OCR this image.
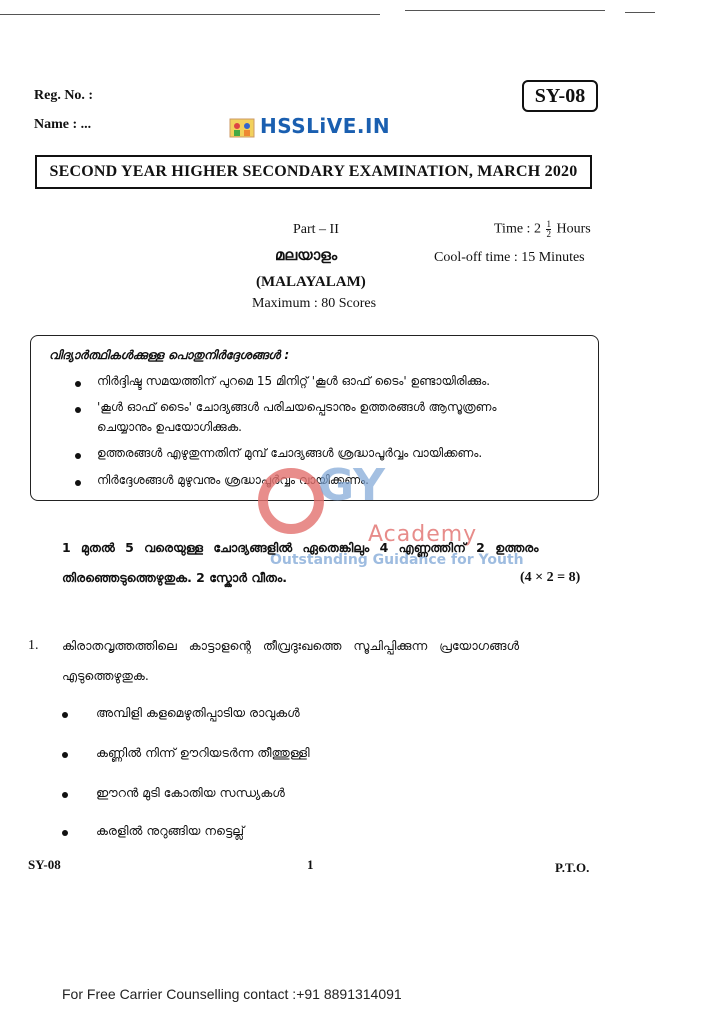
Reg. No. :
Name : ...
SY-08
HSSLiVE.IN
SECOND YEAR HIGHER SECONDARY EXAMINATION, MARCH 2020
Part – II	Time : $2 \frac{1}{2}$ Hours
മലയാളം	Cool-off time : 15 Minutes
(MALAYALAM)
Maximum : 80 Scores
വിദ്യാർത്ഥികൾക്കുള്ള പൊതുനിർദ്ദേശങ്ങൾ :
നിർദ്ദിഷ്ട സമയത്തിന് പുറമെ 15 മിനിറ്റ് 'കൂൾ ഓഫ് ടൈം' ഉണ്ടായിരിക്കും.
'കൂൾ ഓഫ് ടൈം' ചോദ്യങ്ങൾ പരിചയപ്പെടാനും ഉത്തരങ്ങൾ ആസൂത്രണം
ചെയ്യാനും ഉപയോഗിക്കുക.
ഉത്തരങ്ങൾ എഴുതുന്നതിന് മുമ്പ് ചോദ്യങ്ങൾ ശ്രദ്ധാപൂർവ്വം വായിക്കണം.
നിർദ്ദേശങ്ങൾ മുഴുവനും ശ്രദ്ധാപൂർവ്വം വായിക്കണം.
GY
Academy
Outstanding Guidance for Youth
1 മുതൽ 5 വരെയുള്ള ചോദ്യങ്ങളിൽ ഏതെങ്കിലും 4 എണ്ണത്തിന് 2 ഉത്തരം
തിരഞ്ഞെടുത്തെഴുതുക. 2 സ്കോർ വീതം.	(4 × 2 = 8)
1. കിരാതവൃത്തത്തിലെ കാട്ടാളന്റെ തീവ്രദുഃഖത്തെ സൂചിപ്പിക്കുന്ന പ്രയോഗങ്ങൾ
എടുത്തെഴുതുക.
അമ്പിളി കളമെഴുതിപ്പാടിയ രാവുകൾ
കണ്ണിൽ നിന്ന് ഊറിയടർന്ന തീത്തുള്ളി
ഈറൻ മുടി കോതിയ സന്ധ്യകൾ
കരളിൽ നുറുങ്ങിയ നട്ടെല്ല്
SY-08	1	P.T.O.
For Free Carrier Counselling contact :+91 8891314091
